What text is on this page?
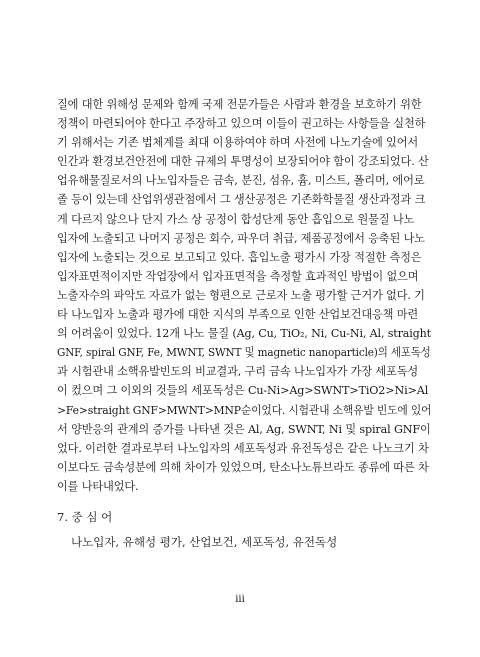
질에 대한 위해성 문제와 함께 국제 전문가들은 사람과 환경을 보호하기 위한
정책이 마련되어야 한다고 주장하고 있으며 이들이 권고하는 사항들을 실천하
기 위해서는 기존 법체계를 최대 이용하여야 하며 사전에 나노기술에 있어서
인간과 환경보건안전에 대한 규제의 투명성이 보장되어야 함이 강조되었다. 산
업유해물질로서의 나노입자들은 금속, 분진, 섬유, 흄, 미스트, 폴리머, 에어로
졸 등이 있는데 산업위생관점에서 그 생산공정은 기존화학물질 생산과정과 크
게 다르지 않으나 단지 가스 상 공정이 합성단계 동안 흡입으로 원물질 나노
입자에 노출되고 나머지 공정은 회수, 파우더 취급, 제품공정에서 응축된 나노
입자에 노출되는 것으로 보고되고 있다. 흡입노출 평가시 가장 적절한 측정은
입자표면적이지만 작업장에서 입자표면적을 측정할 효과적인 방법이 없으며
노출자수의 파악도 자료가 없는 형편으로 근로자 노출 평가할 근거가 없다. 기
타 나노입자 노출과 평가에 대한 지식의 부족으로 인한 산업보건대응책 마련
의 어려움이 있었다. 12개 나노 물질 (Ag, Cu, TiO₂, Ni, Cu-Ni, Al, straight
GNF, spiral GNF, Fe, MWNT, SWNT 및 magnetic nanoparticle)의 세포독성
과 시험관내 소핵유발빈도의 비교결과, 구리 금속 나노입자가 가장 세포독성
이 컸으며 그 이외의 것들의 세포독성은 Cu-Ni>Ag>SWNT>TiO2>Ni>Al
>Fe>straight GNF>MWNT>MNP순이었다. 시험관내 소핵유발 빈도에 있어
서 양반응의 관계의 증가를 나타낸 것은 Al, Ag, SWNT, Ni 및 spiral GNF이
었다. 이러한 결과로부터 나노입자의 세포독성과 유전독성은 같은 나노크기 차
이보다도 금속성분에 의해 차이가 있었으며, 탄소나노튜브라도 종류에 따른 차
이를 나타내었다.
7. 중 심 어
나노입자, 유해성 평가, 산업보건, 세포독성, 유전독성
iii
